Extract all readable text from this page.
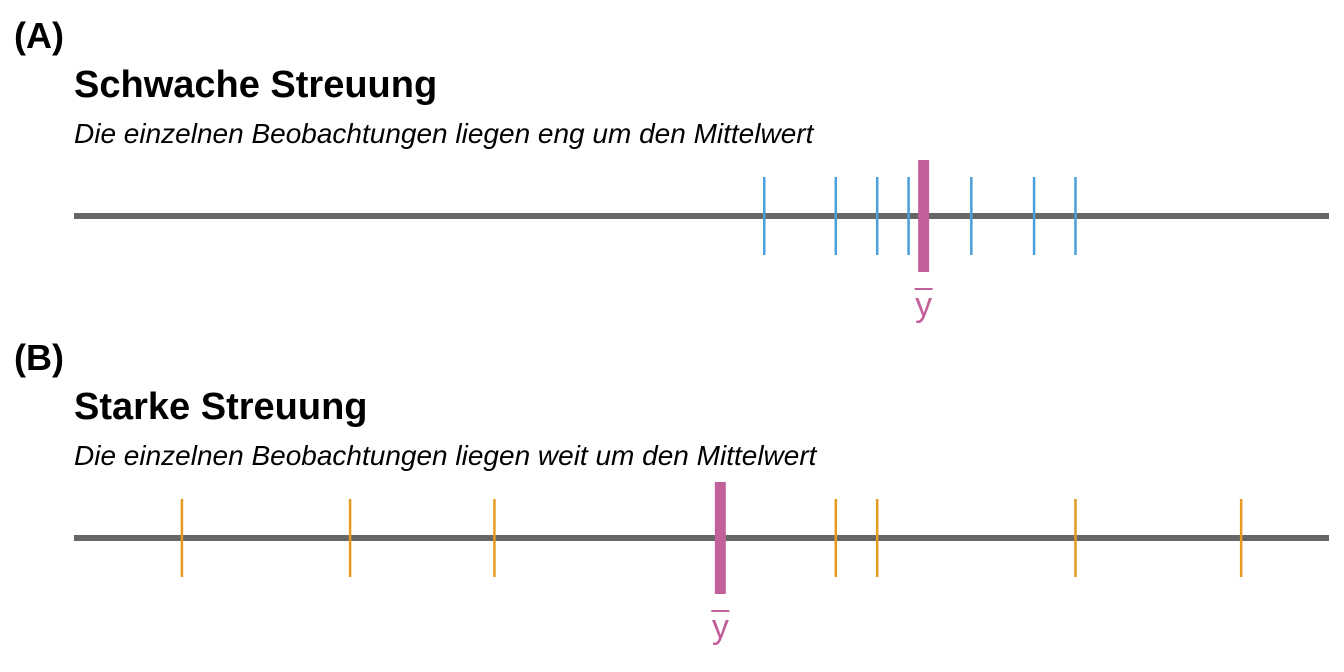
(A)
Schwache Streuung
Die einzelnen Beobachtungen liegen eng um den Mittelwert
y
(B)
Starke Streuung
Die einzelnen Beobachtungen liegen weit um den Mittelwert
y
